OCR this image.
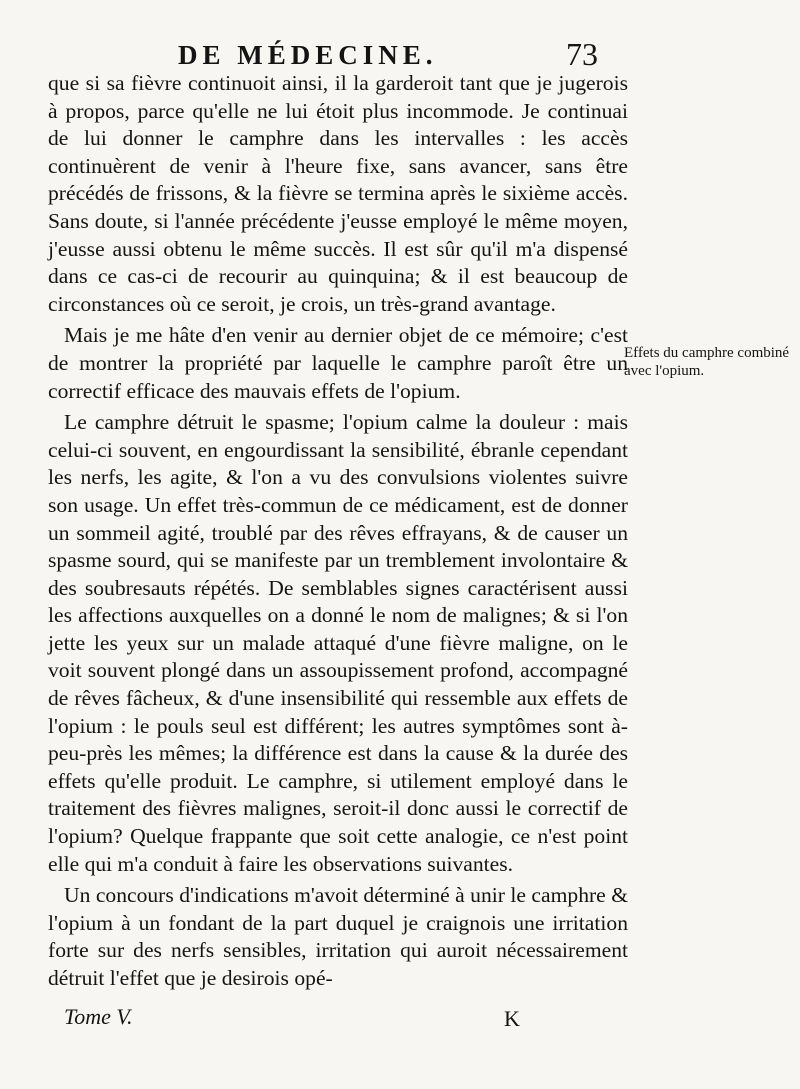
DE MÉDECINE.	73

que si sa fièvre continuoit ainsi, il la garderoit tant que je jugerois à propos, parce qu'elle ne lui étoit plus incommode. Je continuai de lui donner le camphre dans les intervalles : les accès continuèrent de venir à l'heure fixe, sans avancer, sans être précédés de frissons, & la fièvre se termina après le sixième accès. Sans doute, si l'année précédente j'eusse employé le même moyen, j'eusse aussi obtenu le même succès. Il est sûr qu'il m'a dispensé dans ce cas-ci de recourir au quinquina; & il est beaucoup de circonstances où ce seroit, je crois, un très-grand avantage.

Mais je me hâte d'en venir au dernier objet de ce mémoire; c'est de montrer la propriété par laquelle le camphre paroît être un correctif efficace des mauvais effets de l'opium.

Le camphre détruit le spasme; l'opium calme la douleur : mais celui-ci souvent, en engourdissant la sensibilité, ébranle cependant les nerfs, les agite, & l'on a vu des convulsions violentes suivre son usage. Un effet très-commun de ce médicament, est de donner un sommeil agité, troublé par des rêves effrayans, & de causer un spasme sourd, qui se manifeste par un tremblement involontaire & des soubresauts répétés. De semblables signes caractérisent aussi les affections auxquelles on a donné le nom de malignes; & si l'on jette les yeux sur un malade attaqué d'une fièvre maligne, on le voit souvent plongé dans un assoupissement profond, accompagné de rêves fâcheux, & d'une insensibilité qui ressemble aux effets de l'opium : le pouls seul est différent; les autres symptômes sont à-peu-près les mêmes; la différence est dans la cause & la durée des effets qu'elle produit. Le camphre, si utilement employé dans le traitement des fièvres malignes, seroit-il donc aussi le correctif de l'opium? Quelque frappante que soit cette analogie, ce n'est point elle qui m'a conduit à faire les observations suivantes.

Un concours d'indications m'avoit déterminé à unir le camphre & l'opium à un fondant de la part duquel je craignois une irritation forte sur des nerfs sensibles, irritation qui auroit nécessairement détruit l'effet que je desirois opé-

Effets du camphre combiné avec l'opium.
Tome V.	K
